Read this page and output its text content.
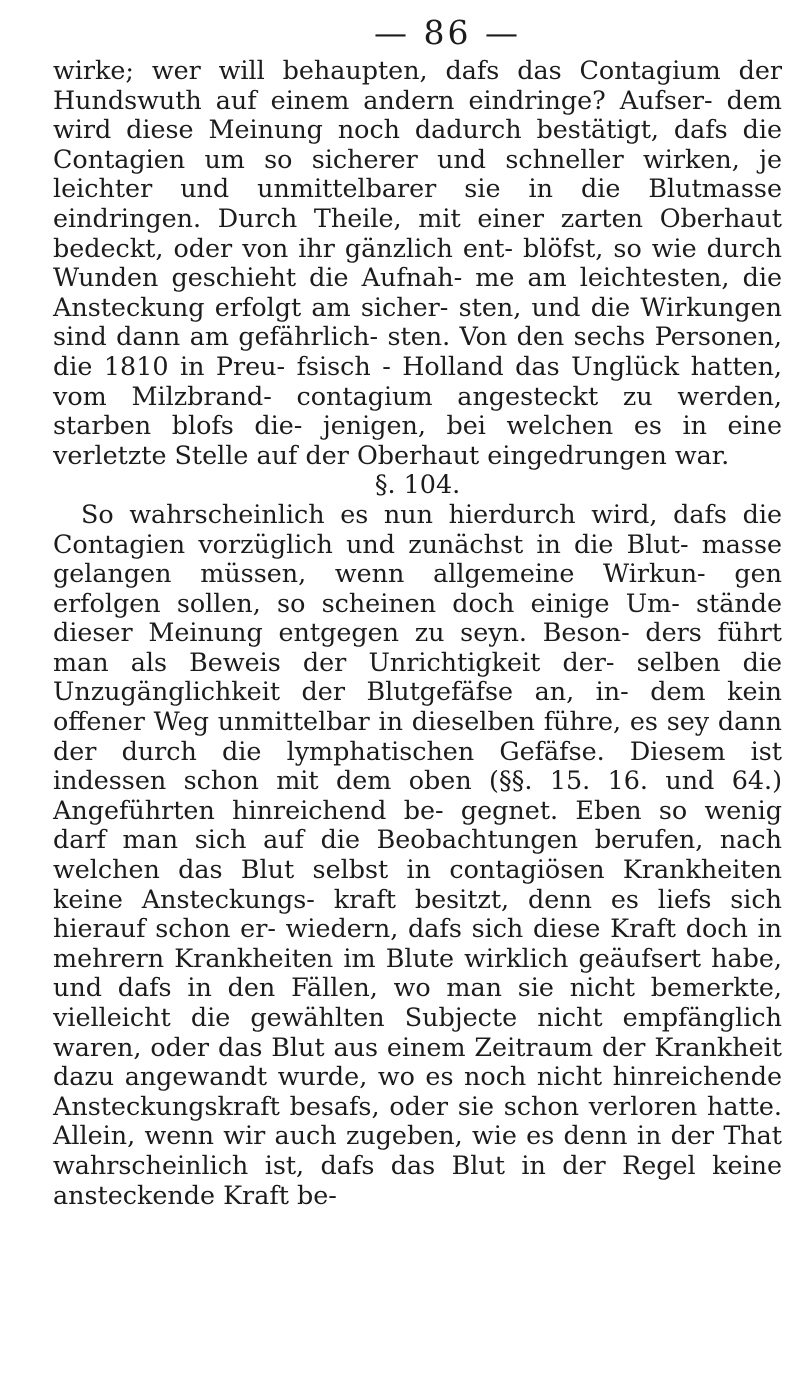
— 86 —

wirke; wer will behaupten, dafs das Contagium der Hundswuth auf einem andern eindringe? Aufser- dem wird diese Meinung noch dadurch bestätigt, dafs die Contagien um so sicherer und schneller wirken, je leichter und unmittelbarer sie in die Blutmasse eindringen. Durch Theile, mit einer zarten Oberhaut bedeckt, oder von ihr gänzlich ent- blöfst, so wie durch Wunden geschieht die Aufnah- me am leichtesten, die Ansteckung erfolgt am sicher- sten, und die Wirkungen sind dann am gefährlich- sten. Von den sechs Personen, die 1810 in Preu- fsisch - Holland das Unglück hatten, vom Milzbrand- contagium angesteckt zu werden, starben blofs die- jenigen, bei welchen es in eine verletzte Stelle auf der Oberhaut eingedrungen war.

§. 104.

So wahrscheinlich es nun hierdurch wird, dafs die Contagien vorzüglich und zunächst in die Blut- masse gelangen müssen, wenn allgemeine Wirkun- gen erfolgen sollen, so scheinen doch einige Um- stände dieser Meinung entgegen zu seyn. Beson- ders führt man als Beweis der Unrichtigkeit der- selben die Unzugänglichkeit der Blutgefäfse an, in- dem kein offener Weg unmittelbar in dieselben führe, es sey dann der durch die lymphatischen Gefäfse. Diesem ist indessen schon mit dem oben (§§. 15. 16. und 64.) Angeführten hinreichend be- gegnet. Eben so wenig darf man sich auf die Beobachtungen berufen, nach welchen das Blut selbst in contagiösen Krankheiten keine Ansteckungs- kraft besitzt, denn es liefs sich hierauf schon er- wiedern, dafs sich diese Kraft doch in mehrern Krankheiten im Blute wirklich geäufsert habe, und dafs in den Fällen, wo man sie nicht bemerkte, vielleicht die gewählten Subjecte nicht empfänglich waren, oder das Blut aus einem Zeitraum der Krankheit dazu angewandt wurde, wo es noch nicht hinreichende Ansteckungskraft besafs, oder sie schon verloren hatte. Allein, wenn wir auch zugeben, wie es denn in der That wahrscheinlich ist, dafs das Blut in der Regel keine ansteckende Kraft be-
